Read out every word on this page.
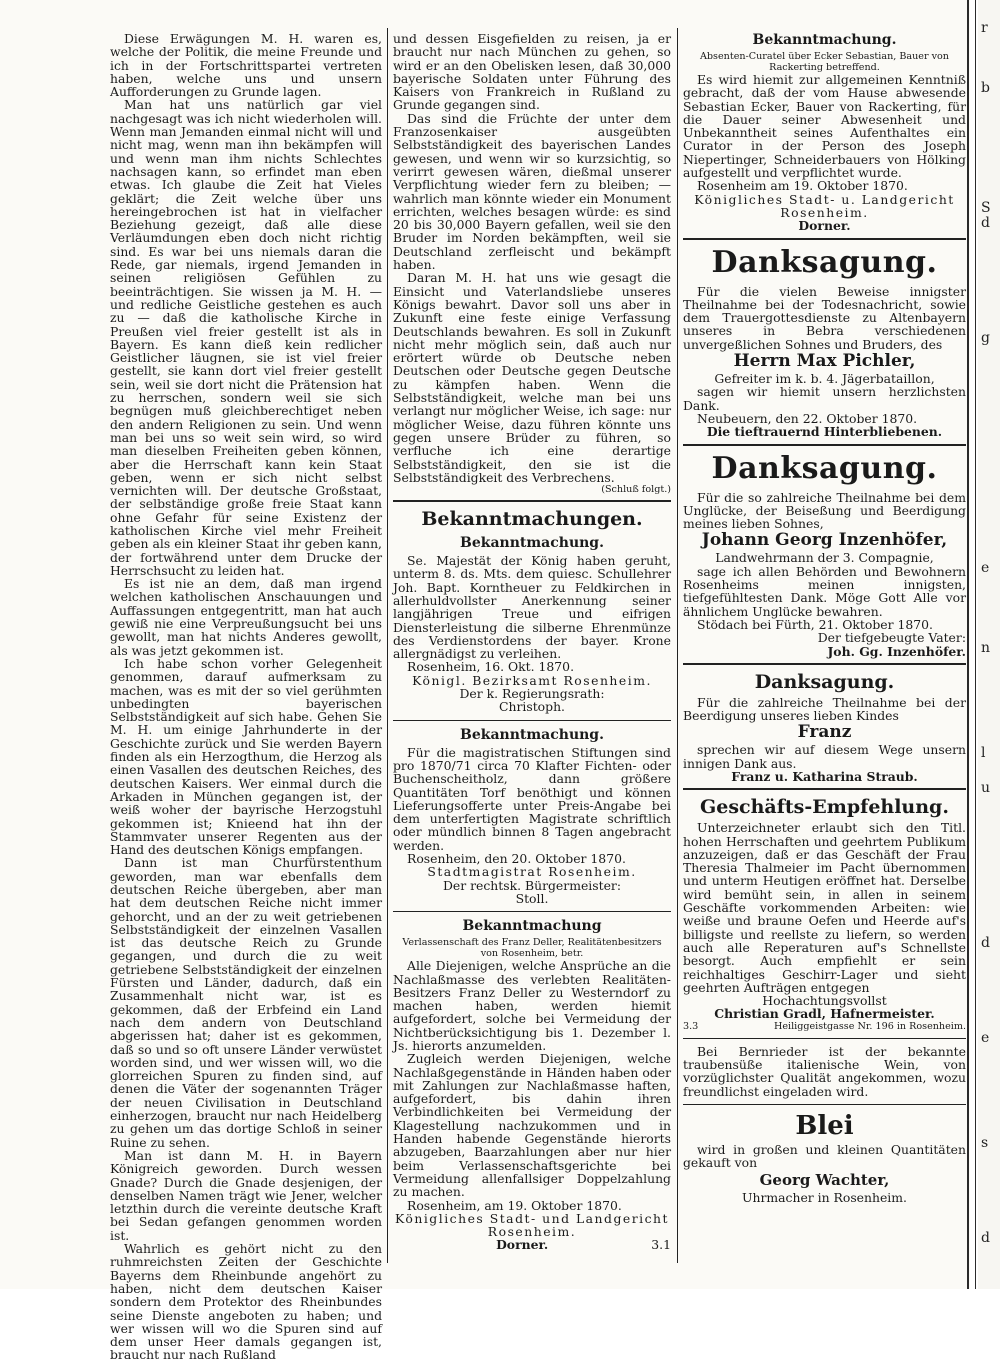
Diese Erwägungen M. H. waren es, welche der Politik, die meine Freunde und ich in der Fortschrittspartei vertreten haben, welche uns und unsern Aufforderungen zu Grunde lagen.

Man hat uns natürlich gar viel nachgesagt was ich nicht wiederholen will. Wenn man Jemanden einmal nicht will und nicht mag, wenn man ihn bekämpfen will und wenn man ihm nichts Schlechtes nachsagen kann, so erfindet man eben etwas. Ich glaube die Zeit hat Vieles geklärt; die Zeit welche über uns hereingebrochen ist hat in vielfacher Beziehung gezeigt, daß alle diese Verläumdungen eben doch nicht richtig sind. Es war bei uns niemals daran die Rede, gar niemals, irgend Jemanden in seinen religiösen Gefühlen zu beeinträchtigen. Sie wissen ja M. H. — und redliche Geistliche gestehen es auch zu — daß die katholische Kirche in Preußen viel freier gestellt ist als in Bayern. Es kann dieß kein redlicher Geistlicher läugnen, sie ist viel freier gestellt, sie kann dort viel freier gestellt sein, weil sie dort nicht die Prätension hat zu herrschen, sondern weil sie sich begnügen muß gleichberechtiget neben den andern Religionen zu sein. Und wenn man bei uns so weit sein wird, so wird man dieselben Freiheiten geben können, aber die Herrschaft kann kein Staat geben, wenn er sich nicht selbst vernichten will. Der deutsche Großstaat, der selbständige große freie Staat kann ohne Gefahr für seine Existenz der katholischen Kirche viel mehr Freiheit geben als ein kleiner Staat ihr geben kann, der fortwährend unter dem Drucke der Herrschsucht zu leiden hat.

Es ist nie an dem, daß man irgend welchen katholischen Anschauungen und Auffassungen entgegentritt, man hat auch gewiß nie eine Verpreußungsucht bei uns gewollt, man hat nichts Anderes gewollt, als was jetzt gekommen ist.

Ich habe schon vorher Gelegenheit genommen, darauf aufmerksam zu machen, was es mit der so viel gerühmten unbedingten bayerischen Selbstständigkeit auf sich habe. Gehen Sie M. H. um einige Jahrhunderte in der Geschichte zurück und Sie werden Bayern finden als ein Herzogthum, die Herzog als einen Vasallen des deutschen Reiches, des deutschen Kaisers. Wer einmal durch die Arkaden in München gegangen ist, der weiß woher der bayrische Herzogstuhl gekommen ist; Knieend hat ihn der Stammvater unserer Regenten aus der Hand des deutschen Königs empfangen.

Dann ist man Churfürstenthum geworden, man war ebenfalls dem deutschen Reiche übergeben, aber man hat dem deutschen Reiche nicht immer gehorcht, und an der zu weit getriebenen Selbstständigkeit der einzelnen Vasallen ist das deutsche Reich zu Grunde gegangen, und durch die zu weit getriebene Selbstständigkeit der einzelnen Fürsten und Länder, dadurch, daß ein Zusammenhalt nicht war, ist es gekommen, daß der Erbfeind ein Land nach dem andern von Deutschland abgerissen hat; daher ist es gekommen, daß so und so oft unsere Länder verwüstet worden sind, und wer wissen will, wo die glorreichen Spuren zu finden sind, auf denen die Väter der sogenannten Träger der neuen Civilisation in Deutschland einherzogen, braucht nur nach Heidelberg zu gehen um das dortige Schloß in seiner Ruine zu sehen.

Man ist dann M. H. in Bayern Königreich geworden. Durch wessen Gnade? Durch die Gnade desjenigen, der denselben Namen trägt wie Jener, welcher letzthin durch die vereinte deutsche Kraft bei Sedan gefangen genommen worden ist.

Wahrlich es gehört nicht zu den ruhmreichsten Zeiten der Geschichte Bayerns dem Rheinbunde angehört zu haben, nicht dem deutschen Kaiser sondern dem Protektor des Rheinbundes seine Dienste angeboten zu haben; und wer wissen will wo die Spuren sind auf dem unser Heer damals gegangen ist, braucht nur nach Rußland

und dessen Eisgefielden zu reisen, ja er braucht nur nach München zu gehen, so wird er an den Obelisken lesen, daß 30,000 bayerische Soldaten unter Führung des Kaisers von Frankreich in Rußland zu Grunde gegangen sind.

Das sind die Früchte der unter dem Franzosenkaiser ausgeübten Selbstständigkeit des bayerischen Landes gewesen, und wenn wir so kurzsichtig, so verirrt gewesen wären, dießmal unserer Verpflichtung wieder fern zu bleiben; — wahrlich man könnte wieder ein Monument errichten, welches besagen würde: es sind 20 bis 30,000 Bayern gefallen, weil sie den Bruder im Norden bekämpften, weil sie Deutschland zerfleischt und bekämpft haben.

Daran M. H. hat uns wie gesagt die Einsicht und Vaterlandsliebe unseres Königs bewahrt. Davor soll uns aber in Zukunft eine feste einige Verfassung Deutschlands bewahren. Es soll in Zukunft nicht mehr möglich sein, daß auch nur erörtert würde ob Deutsche neben Deutschen oder Deutsche gegen Deutsche zu kämpfen haben. Wenn die Selbstständigkeit, welche man bei uns verlangt nur möglicher Weise, ich sage: nur möglicher Weise, dazu führen könnte uns gegen unsere Brüder zu führen, so verfluche ich eine derartige Selbstständigkeit, den sie ist die Selbstständigkeit des Verbrechens.

(Schluß folgt.)

Bekanntmachungen.
Bekanntmachung.

Se. Majestät der König haben geruht, unterm 8. ds. Mts. dem quiesc. Schullehrer Joh. Bapt. Korntheuer zu Feldkirchen in allerhuldvollster Anerkennung seiner langjährigen Treue und eifrigen Diensterleistung die silberne Ehrenmünze des Verdienstordens der bayer. Krone allergnädigst zu verleihen.

Rosenheim, 16. Okt. 1870.

Königl. Bezirksamt Rosenheim.

Der k. Regierungsrath:

Christoph.

Bekanntmachung.

Für die magistratischen Stiftungen sind pro 1870/71 circa 70 Klafter Fichten- oder Buchenscheitholz, dann größere Quantitäten Torf benöthigt und können Lieferungsofferte unter Preis-Angabe bei dem unterfertigten Magistrate schriftlich oder mündlich binnen 8 Tagen angebracht werden.

Rosenheim, den 20. Oktober 1870.

Stadtmagistrat Rosenheim.

Der rechtsk. Bürgermeister:

Stoll.

Bekanntmachung

Verlassenschaft des Franz Deller, Realitätenbesitzers von Rosenheim, betr.

Alle Diejenigen, welche Ansprüche an die Nachlaßmasse des verlebten Realitäten-Besitzers Franz Deller zu Westerndorf zu machen haben, werden hiemit aufgefordert, solche bei Vermeidung der Nichtberücksichtigung bis 1. Dezember l. Js. hierorts anzumelden.

Zugleich werden Diejenigen, welche Nachlaßgegenstände in Händen haben oder mit Zahlungen zur Nachlaßmasse haften, aufgefordert, bis dahin ihren Verbindlichkeiten bei Vermeidung der Klagestellung nachzukommen und in Handen habende Gegenstände hierorts abzugeben, Baarzahlungen aber nur hier beim Verlassenschaftsgerichte bei Vermeidung allenfallsiger Doppelzahlung zu machen.

Rosenheim, am 19. Oktober 1870.

Königliches Stadt- und Landgericht Rosenheim.

Dorner.	3.1
Bekanntmachung.

Absenten-Curatel über Ecker Sebastian, Bauer von Rackerting betreffend.

Es wird hiemit zur allgemeinen Kenntniß gebracht, daß der vom Hause abwesende Sebastian Ecker, Bauer von Rackerting, für die Dauer seiner Abwesenheit und Unbekanntheit seines Aufenthaltes ein Curator in der Person des Joseph Niepertinger, Schneiderbauers von Hölking aufgestellt und verpflichtet wurde.

Rosenheim am 19. Oktober 1870.

Königliches Stadt- u. Landgericht Rosenheim.

Dorner.

Danksagung.

Für die vielen Beweise innigster Theilnahme bei der Todesnachricht, sowie dem Trauergottesdienste zu Altenbayern unseres in Bebra verschiedenen unvergeßlichen Sohnes und Bruders, des

Herrn Max Pichler,

Gefreiter im k. b. 4. Jägerbataillon,

sagen wir hiemit unsern herzlichsten Dank.

Neubeuern, den 22. Oktober 1870.

Die tieftrauernd Hinterbliebenen.

Danksagung.

Für die so zahlreiche Theilnahme bei dem Unglücke, der Beiseßung und Beerdigung meines lieben Sohnes,

Johann Georg Inzenhöfer,

Landwehrmann der 3. Compagnie,

sage ich allen Behörden und Bewohnern Rosenheims meinen innigsten, tiefgefühltesten Dank. Möge Gott Alle vor ähnlichem Unglücke bewahren.

Stödach bei Fürth, 21. Oktober 1870.

Der tiefgebeugte Vater:

Joh. Gg. Inzenhöfer.

Danksagung.

Für die zahlreiche Theilnahme bei der Beerdigung unseres lieben Kindes

Franz

sprechen wir auf diesem Wege unsern innigen Dank aus.

Franz u. Katharina Straub.

Geschäfts-Empfehlung.

Unterzeichneter erlaubt sich den Titl. hohen Herrschaften und geehrtem Publikum anzuzeigen, daß er das Geschäft der Frau Theresia Thalmeier im Pacht übernommen und unterm Heutigen eröffnet hat. Derselbe wird bemüht sein, in allen in seinem Geschäfte vorkommenden Arbeiten: wie weiße und braune Oefen und Heerde auf's billigste und reellste zu liefern, so werden auch alle Reperaturen auf's Schnellste besorgt. Auch empfiehlt er sein reichhaltiges Geschirr-Lager und sieht geehrten Aufträgen entgegen

Hochachtungsvollst

Christian Gradl, Hafnermeister.

3.3	Heiliggeistgasse Nr. 196 in Rosenheim.

Bei Bernrieder ist der bekannte traubensüße italienische Wein, von vorzüglichster Qualität angekommen, wozu freundlichst eingeladen wird.

Blei

wird in großen und kleinen Quantitäten gekauft von

Georg Wachter,

Uhrmacher in Rosenheim.

r
b
S
d
g
e
n
l
u
d
e
s
d
